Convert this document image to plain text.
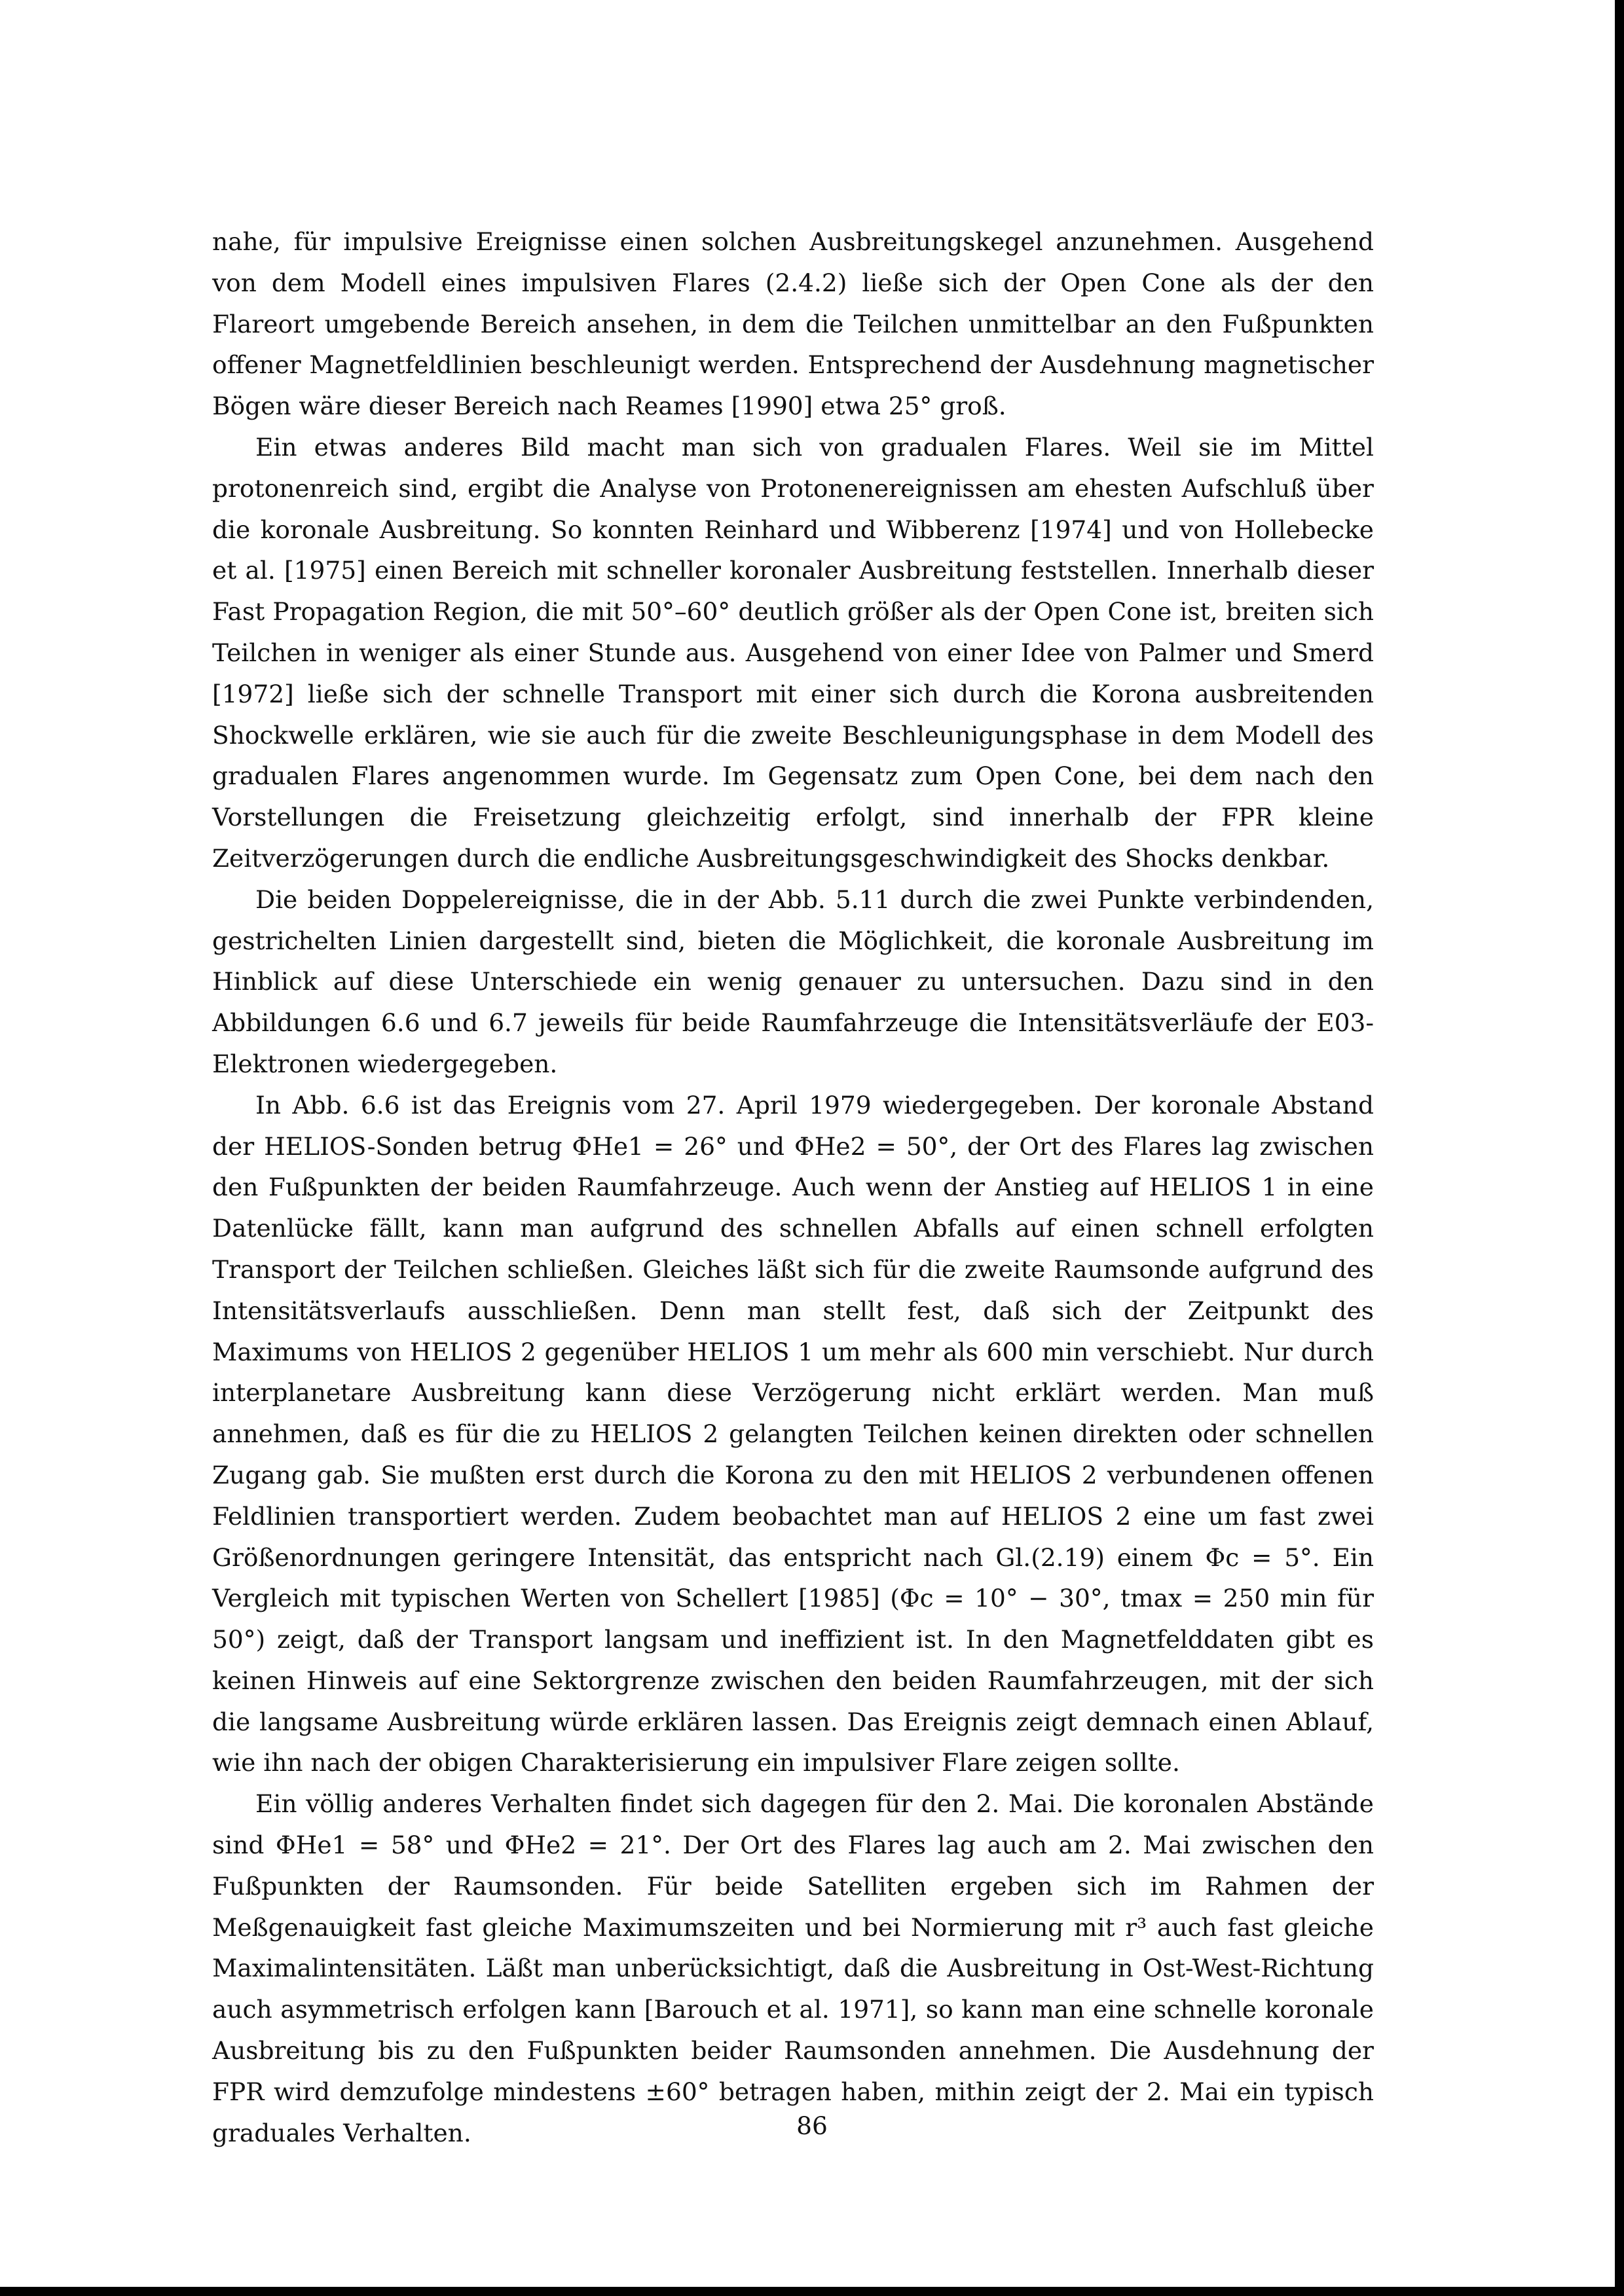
nahe, für impulsive Ereignisse einen solchen Ausbreitungskegel anzunehmen. Ausgehend von dem Modell eines impulsiven Flares (2.4.2) ließe sich der Open Cone als der den Flareort umgebende Bereich ansehen, in dem die Teilchen unmittelbar an den Fußpunkten offener Magnetfeldlinien beschleunigt werden. Entsprechend der Ausdehnung magnetischer Bögen wäre dieser Bereich nach Reames [1990] etwa 25° groß.

Ein etwas anderes Bild macht man sich von gradualen Flares. Weil sie im Mittel protonenreich sind, ergibt die Analyse von Protonenereignissen am ehesten Aufschluß über die koronale Ausbreitung. So konnten Reinhard und Wibberenz [1974] und von Hollebecke et al. [1975] einen Bereich mit schneller koronaler Ausbreitung feststellen. Innerhalb dieser Fast Propagation Region, die mit 50°–60° deutlich größer als der Open Cone ist, breiten sich Teilchen in weniger als einer Stunde aus. Ausgehend von einer Idee von Palmer und Smerd [1972] ließe sich der schnelle Transport mit einer sich durch die Korona ausbreitenden Shockwelle erklären, wie sie auch für die zweite Beschleunigungsphase in dem Modell des gradualen Flares angenommen wurde. Im Gegensatz zum Open Cone, bei dem nach den Vorstellungen die Freisetzung gleichzeitig erfolgt, sind innerhalb der FPR kleine Zeitverzögerungen durch die endliche Ausbreitungsgeschwindigkeit des Shocks denkbar.

Die beiden Doppelereignisse, die in der Abb. 5.11 durch die zwei Punkte verbindenden, gestrichelten Linien dargestellt sind, bieten die Möglichkeit, die koronale Ausbreitung im Hinblick auf diese Unterschiede ein wenig genauer zu untersuchen. Dazu sind in den Abbildungen 6.6 und 6.7 jeweils für beide Raumfahrzeuge die Intensitätsverläufe der E03-Elektronen wiedergegeben.

In Abb. 6.6 ist das Ereignis vom 27. April 1979 wiedergegeben. Der koronale Abstand der HELIOS-Sonden betrug ΦHe1 = 26° und ΦHe2 = 50°, der Ort des Flares lag zwischen den Fußpunkten der beiden Raumfahrzeuge. Auch wenn der Anstieg auf HELIOS 1 in eine Datenlücke fällt, kann man aufgrund des schnellen Abfalls auf einen schnell erfolgten Transport der Teilchen schließen. Gleiches läßt sich für die zweite Raumsonde aufgrund des Intensitätsverlaufs ausschließen. Denn man stellt fest, daß sich der Zeitpunkt des Maximums von HELIOS 2 gegenüber HELIOS 1 um mehr als 600 min verschiebt. Nur durch interplanetare Ausbreitung kann diese Verzögerung nicht erklärt werden. Man muß annehmen, daß es für die zu HELIOS 2 gelangten Teilchen keinen direkten oder schnellen Zugang gab. Sie mußten erst durch die Korona zu den mit HELIOS 2 verbundenen offenen Feldlinien transportiert werden. Zudem beobachtet man auf HELIOS 2 eine um fast zwei Größenordnungen geringere Intensität, das entspricht nach Gl.(2.19) einem Φc = 5°. Ein Vergleich mit typischen Werten von Schellert [1985] (Φc = 10° − 30°, tmax = 250 min für 50°) zeigt, daß der Transport langsam und ineffizient ist. In den Magnetfelddaten gibt es keinen Hinweis auf eine Sektorgrenze zwischen den beiden Raumfahrzeugen, mit der sich die langsame Ausbreitung würde erklären lassen. Das Ereignis zeigt demnach einen Ablauf, wie ihn nach der obigen Charakterisierung ein impulsiver Flare zeigen sollte.

Ein völlig anderes Verhalten findet sich dagegen für den 2. Mai. Die koronalen Abstände sind ΦHe1 = 58° und ΦHe2 = 21°. Der Ort des Flares lag auch am 2. Mai zwischen den Fußpunkten der Raumsonden. Für beide Satelliten ergeben sich im Rahmen der Meßgenauigkeit fast gleiche Maximumszeiten und bei Normierung mit r³ auch fast gleiche Maximalintensitäten. Läßt man unberücksichtigt, daß die Ausbreitung in Ost-West-Richtung auch asymmetrisch erfolgen kann [Barouch et al. 1971], so kann man eine schnelle koronale Ausbreitung bis zu den Fußpunkten beider Raumsonden annehmen. Die Ausdehnung der FPR wird demzufolge mindestens ±60° betragen haben, mithin zeigt der 2. Mai ein typisch graduales Verhalten.	86
